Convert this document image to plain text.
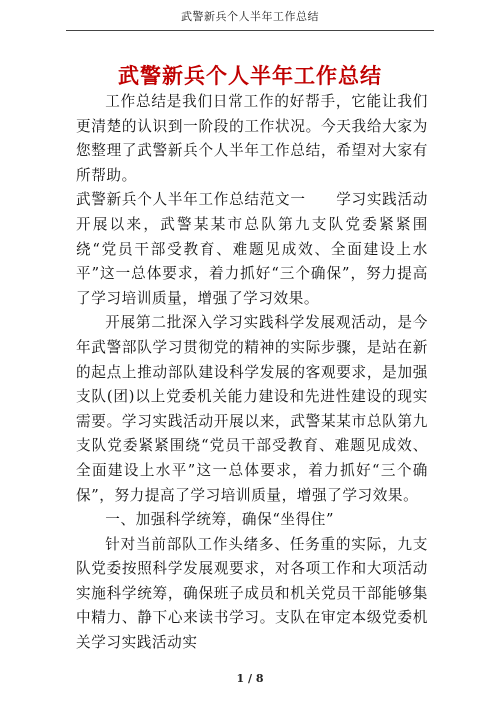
武警新兵个人半年工作总结
武警新兵个人半年工作总结

工作总结是我们日常工作的好帮手，它能让我们更清楚的认识到一阶段的工作状况。今天我给大家为您整理了武警新兵个人半年工作总结，希望对大家有所帮助。

武警新兵个人半年工作总结范文一　　学习实践活动开展以来，武警某某市总队第九支队党委紧紧围绕“党员干部受教育、难题见成效、全面建设上水平”这一总体要求，着力抓好“三个确保”，努力提高了学习培训质量，增强了学习效果。

开展第二批深入学习实践科学发展观活动，是今年武警部队学习贯彻党的精神的实际步骤，是站在新的起点上推动部队建设科学发展的客观要求，是加强支队(团)以上党委机关能力建设和先进性建设的现实需要。学习实践活动开展以来，武警某某市总队第九支队党委紧紧围绕“党员干部受教育、难题见成效、全面建设上水平”这一总体要求，着力抓好“三个确保”，努力提高了学习培训质量，增强了学习效果。

一、加强科学统筹，确保“坐得住”

针对当前部队工作头绪多、任务重的实际，九支队党委按照科学发展观要求，对各项工作和大项活动实施科学统筹，确保班子成员和机关党员干部能够集中精力、静下心来读书学习。支队在审定本级党委机关学习实践活动实

1 / 8
